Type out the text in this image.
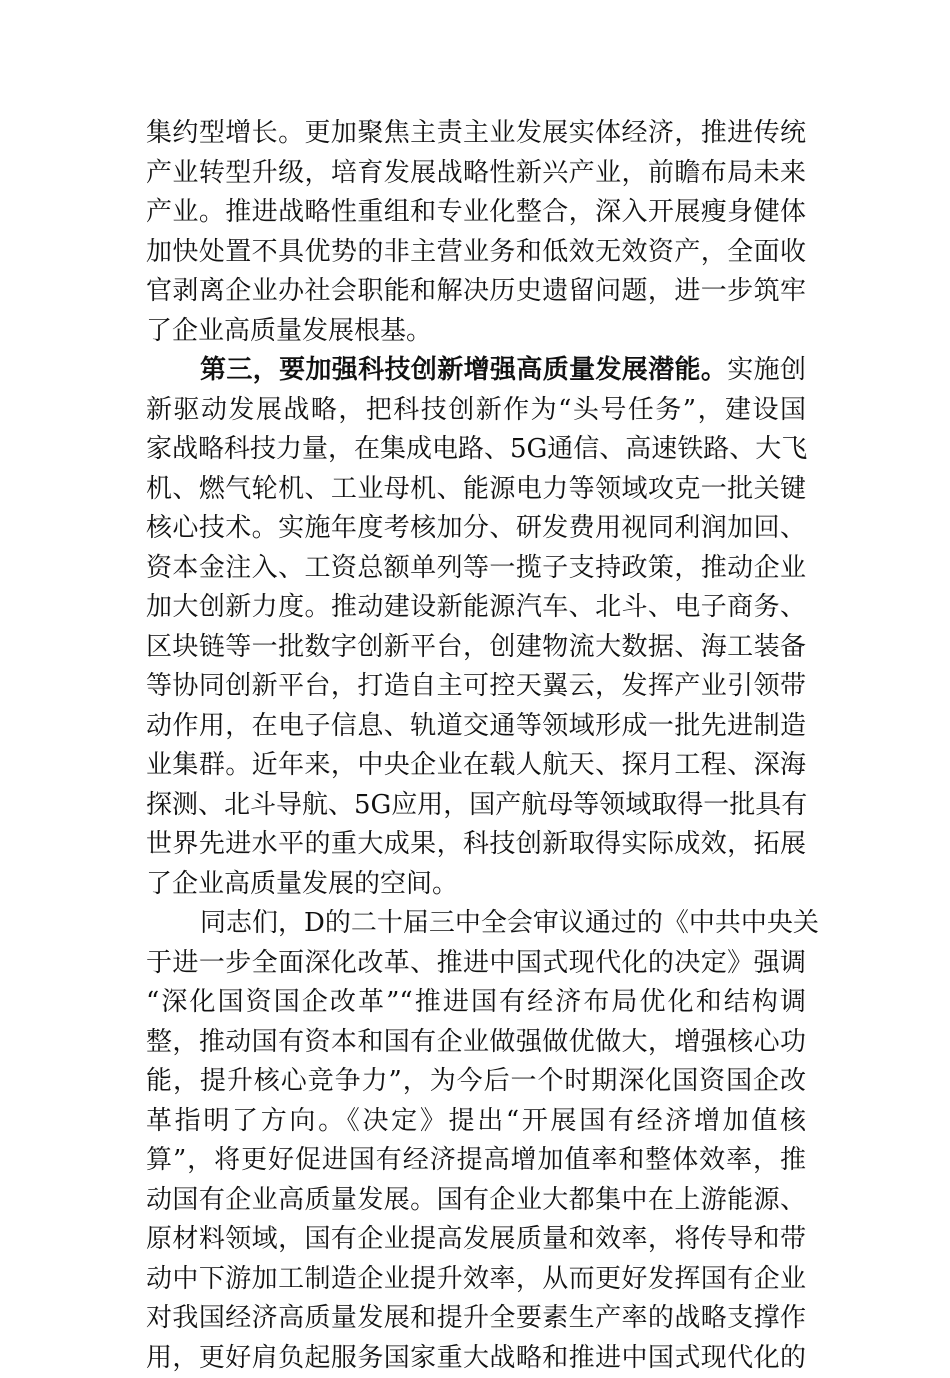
集约型增长。更加聚焦主责主业发展实体经济，推进传统
产业转型升级，培育发展战略性新兴产业，前瞻布局未来
产业。推进战略性重组和专业化整合，深入开展瘦身健体
加快处置不具优势的非主营业务和低效无效资产，全面收
官剥离企业办社会职能和解决历史遗留问题，进一步筑牢
了企业高质量发展根基。
第三，要加强科技创新增强高质量发展潜能。实施创
新驱动发展战略，把科技创新作为“头号任务”，建设国
家战略科技力量，在集成电路、5G通信、高速铁路、大飞
机、燃气轮机、工业母机、能源电力等领域攻克一批关键
核心技术。实施年度考核加分、研发费用视同利润加回、
资本金注入、工资总额单列等一揽子支持政策，推动企业
加大创新力度。推动建设新能源汽车、北斗、电子商务、
区块链等一批数字创新平台，创建物流大数据、海工装备
等协同创新平台，打造自主可控天翼云，发挥产业引领带
动作用，在电子信息、轨道交通等领域形成一批先进制造
业集群。近年来，中央企业在载人航天、探月工程、深海
探测、北斗导航、5G应用，国产航母等领域取得一批具有
世界先进水平的重大成果，科技创新取得实际成效，拓展
了企业高质量发展的空间。
同志们，D的二十届三中全会审议通过的《中共中央关
于进一步全面深化改革、推进中国式现代化的决定》强调
“深化国资国企改革”“推进国有经济布局优化和结构调
整，推动国有资本和国有企业做强做优做大，增强核心功
能，提升核心竞争力”，为今后一个时期深化国资国企改
革指明了方向。《决定》提出“开展国有经济增加值核
算”，将更好促进国有经济提高增加值率和整体效率，推
动国有企业高质量发展。国有企业大都集中在上游能源、
原材料领域，国有企业提高发展质量和效率，将传导和带
动中下游加工制造企业提升效率，从而更好发挥国有企业
对我国经济高质量发展和提升全要素生产率的战略支撑作
用，更好肩负起服务国家重大战略和推进中国式现代化的
